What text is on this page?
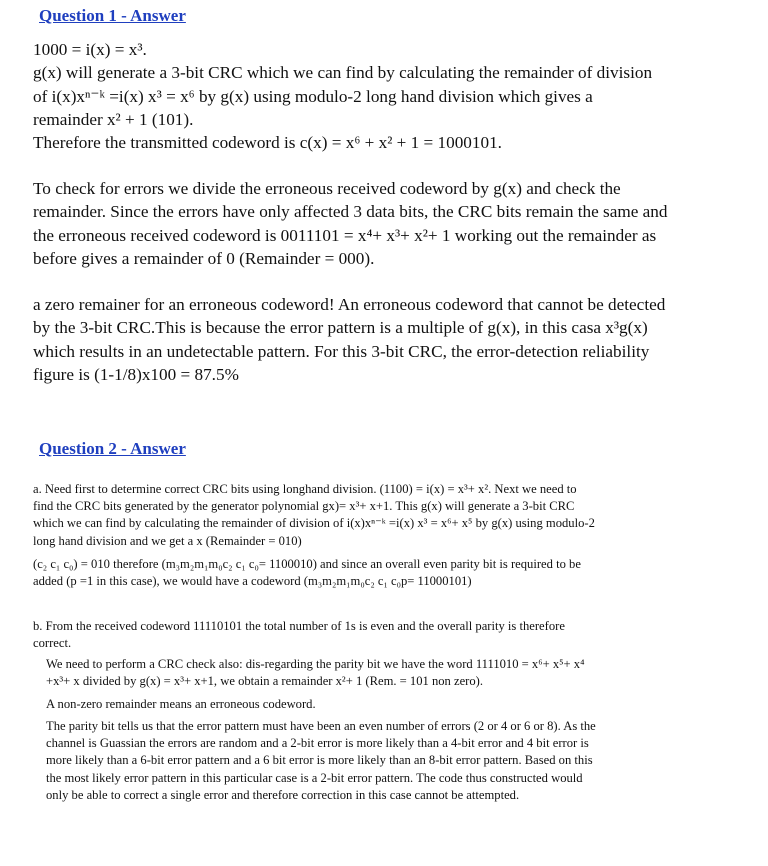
Question 1 - Answer
1000 = i(x) = x³.
g(x) will generate a 3-bit CRC which we can find by calculating the remainder of division
of i(x)xⁿ⁻ᵏ =i(x) x³ = x⁶ by g(x) using modulo-2 long hand division which gives a
remainder x² + 1 (101).
Therefore the transmitted codeword is c(x) = x⁶ + x² + 1 = 1000101.
To check for errors we divide the erroneous received codeword by g(x) and check the
remainder. Since the errors have only affected 3 data bits, the CRC bits remain the same and
the erroneous received codeword is 0011101 = x⁴+ x³+ x²+ 1 working out the remainder as
before gives a remainder of 0 (Remainder = 000).
a zero remainer for an erroneous codeword! An erroneous codeword that cannot be detected
by the 3-bit CRC.This is because the error pattern is a multiple of g(x), in this casa x³g(x)
which results in an undetectable pattern. For this 3-bit CRC, the error-detection reliability
figure is (1-1/8)x100 = 87.5%
Question 2 - Answer
a. Need first to determine correct CRC bits using longhand division. (1100) = i(x) = x³+ x². Next we need to
find the CRC bits generated by the generator polynomial gx)= x³+ x+1. This g(x) will generate a 3-bit CRC
which we can find by calculating the remainder of division of i(x)xⁿ⁻ᵏ =i(x) x³ = x⁶+ x⁵ by g(x) using modulo-2
long hand division and we get a x (Remainder = 010)
(c₂ c₁ c₀) = 010 therefore (m₃m₂m₁m₀c₂ c₁ c₀= 1100010) and since an overall even parity bit is required to be
added (p =1 in this case), we would have a codeword (m₃m₂m₁m₀c₂ c₁ c₀p= 11000101)
b. From the received codeword 11110101 the total number of 1s is even and the overall parity is therefore
correct.
We need to perform a CRC check also: dis-regarding the parity bit we have the word 1111010 = x⁶+ x⁵+ x⁴
+x³+ x divided by g(x) = x³+ x+1, we obtain a remainder x²+ 1 (Rem. = 101 non zero).
A non-zero remainder means an erroneous codeword.
The parity bit tells us that the error pattern must have been an even number of errors (2 or 4 or 6 or 8). As the
channel is Guassian the errors are random and a 2-bit error is more likely than a 4-bit error and 4 bit error is
more likely than a 6-bit error pattern and a 6 bit error is more likely than an 8-bit error pattern. Based on this
the most likely error pattern in this particular case is a 2-bit error pattern. The code thus constructed would
only be able to correct a single error and therefore correction in this case cannot be attempted.
